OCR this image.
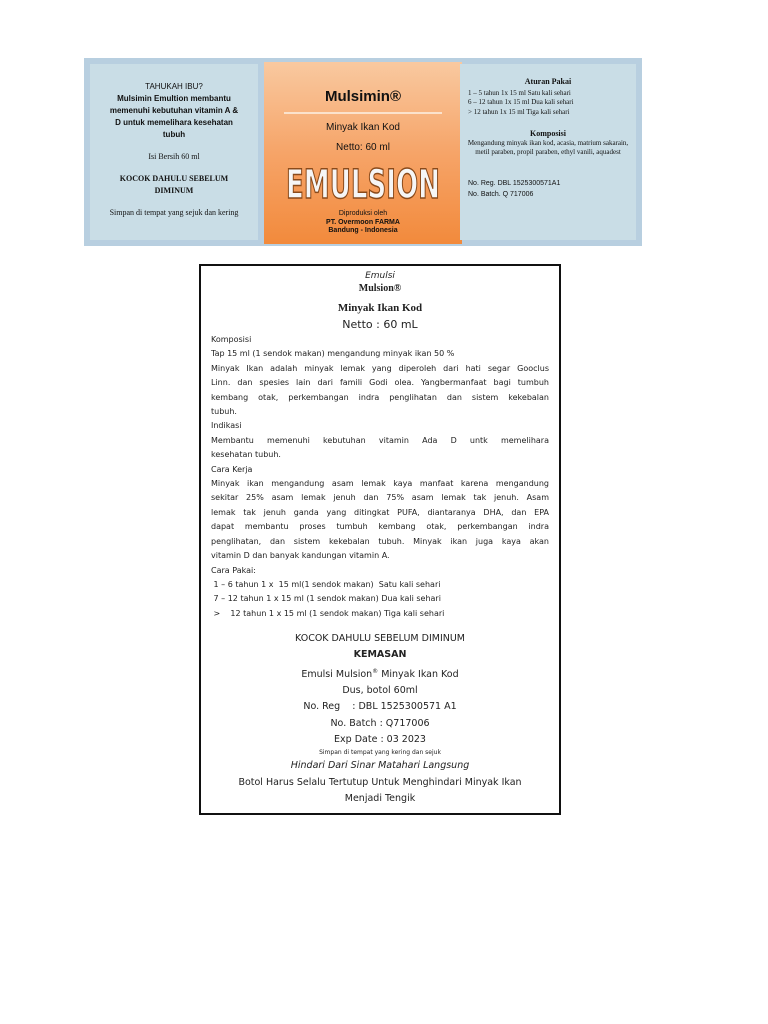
TAHUKAH IBU?
Mulsimin Emultion membantu
memenuhi kebutuhan vitamin A &
D untuk memelihara kesehatan
tubuh
Isi Bersih 60 ml
KOCOK DAHULU SEBELUM
DIMINUM
Simpan di tempat yang sejuk dan kering
Mulsimin®
Minyak Ikan Kod
Netto: 60 ml
EMULSION
Diproduksi oleh
PT. Overmoon FARMA
Bandung - Indonesia
Aturan Pakai
1 – 5 tahun 1x 15 ml Satu kali sehari
6 – 12 tahun 1x 15 ml Dua kali sehari
> 12 tahun 1x 15 ml Tiga kali sehari
Komposisi
Mengandung minyak ikan kod, acasia, matrium sakarain, metil paraben, propil paraben, ethyl vanili, aquadest
No. Reg. DBL 1525300571A1
No. Batch. Q 717006
Emulsi
Mulsion®
Minyak Ikan Kod
Netto : 60 mL

Komposisi

Tap 15 ml (1 sendok makan) mengandung minyak ikan 50 %

Minyak Ikan adalah minyak lemak yang diperoleh dari hati segar Gooclus

Linn. dan spesies lain dari famili Godi olea. Yangbermanfaat bagi tumbuh

kembang otak, perkembangan indra penglihatan dan sistem kekebalan

tubuh.

Indikasi

Membantu memenuhi kebutuhan vitamin Ada D untk memelihara

kesehatan tubuh.

Cara Kerja

Minyak ikan mengandung asam lemak kaya manfaat karena mengandung

sekitar 25% asam lemak jenuh dan 75% asam lemak tak jenuh. Asam

lemak tak jenuh ganda yang ditingkat PUFA, diantaranya DHA, dan EPA

dapat membantu proses tumbuh kembang otak, perkembangan indra

penglihatan, dan sistem kekebalan tubuh. Minyak ikan juga kaya akan

vitamin D dan banyak kandungan vitamin A.

Cara Pakai:

1 – 6 tahun 1 x  15 ml(1 sendok makan)  Satu kali sehari
7 – 12 tahun 1 x 15 ml (1 sendok makan) Dua kali sehari
>    12 tahun 1 x 15 ml (1 sendok makan) Tiga kali sehari
KOCOK DAHULU SEBELUM DIMINUM
KEMASAN
Emulsi Mulsion® Minyak Ikan Kod
Dus, botol 60ml
No. Reg    : DBL 1525300571 A1
No. Batch : Q717006
Exp Date : 03 2023
Simpan di tempat yang kering dan sejuk
Hindari Dari Sinar Matahari Langsung
Botol Harus Selalu Tertutup Untuk Menghindari Minyak Ikan
Menjadi Tengik
